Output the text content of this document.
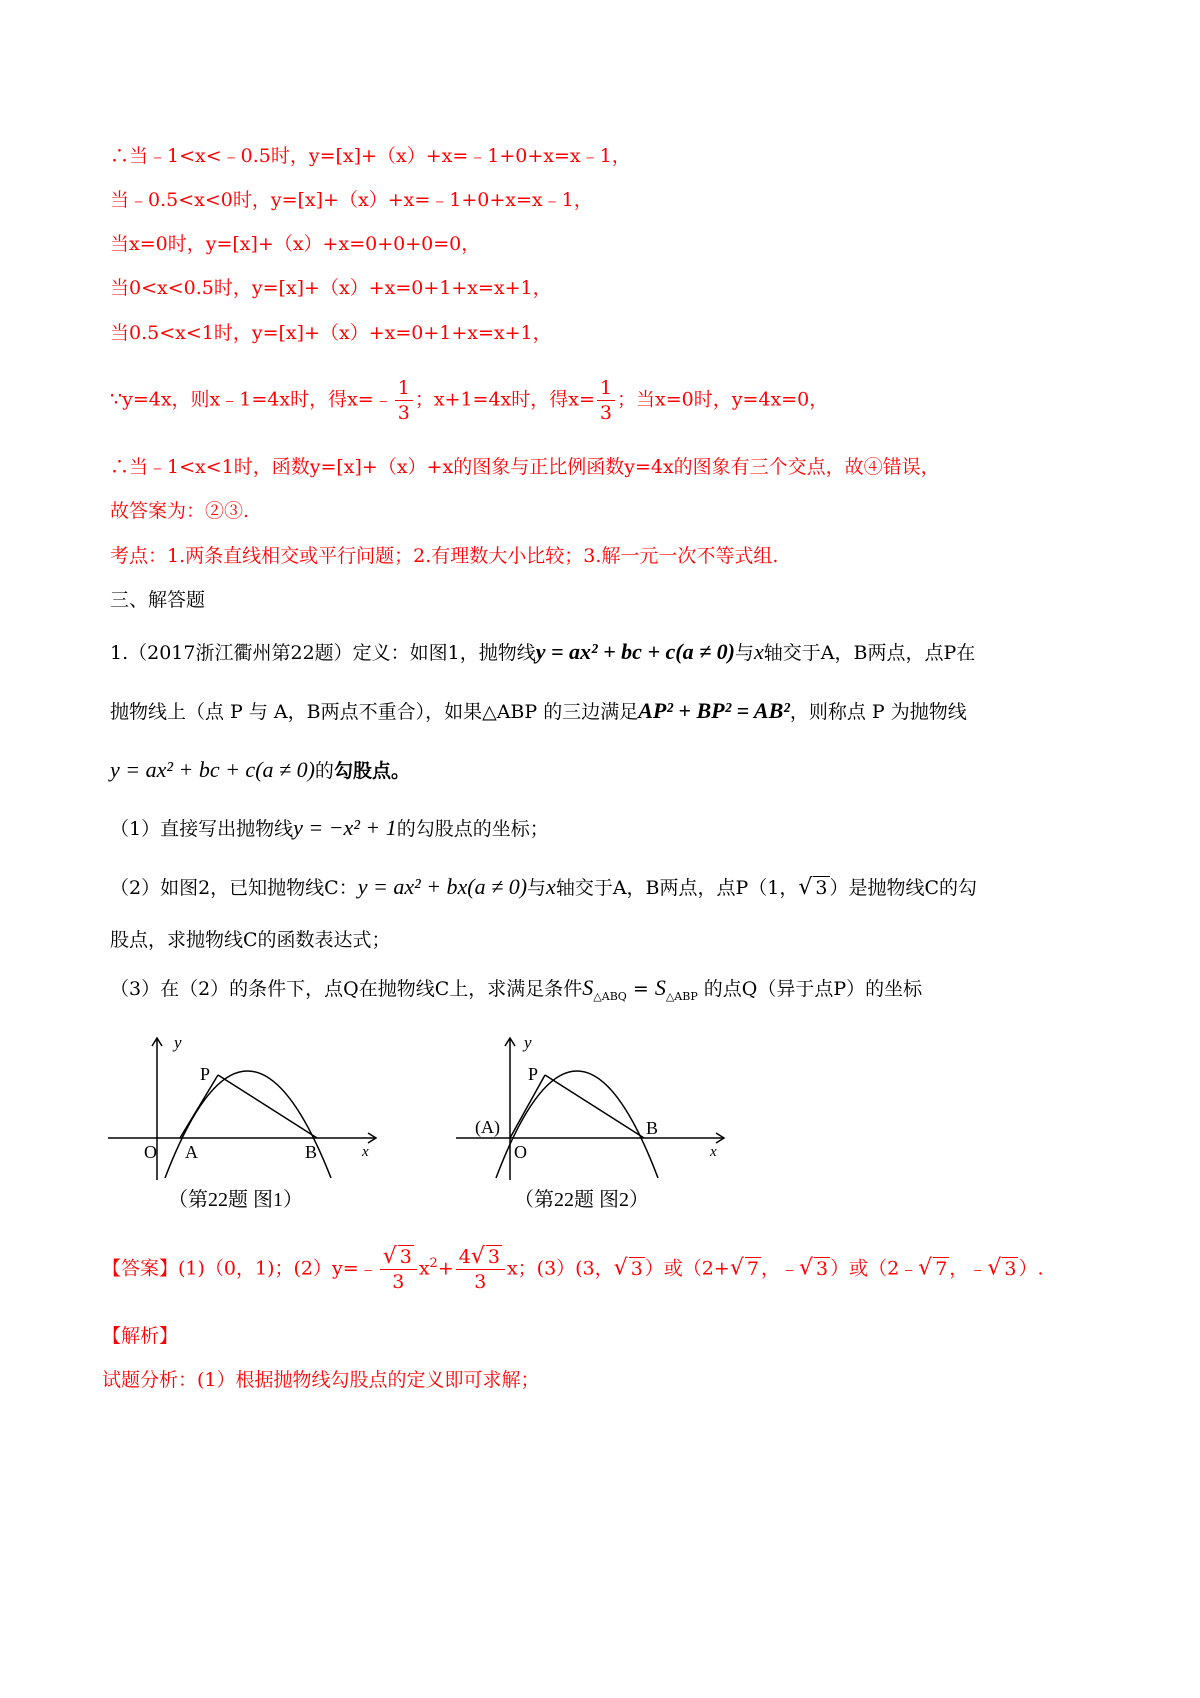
∴当﹣1<x<﹣0.5时，y=[x]+（x）+x=﹣1+0+x=x﹣1，
当﹣0.5<x<0时，y=[x]+（x）+x=﹣1+0+x=x﹣1，
当x=0时，y=[x]+（x）+x=0+0+0=0，
当0<x<0.5时，y=[x]+（x）+x=0+1+x=x+1，
当0.5<x<1时，y=[x]+（x）+x=0+1+x=x+1，
∵y=4x，则x﹣1=4x时，得x=﹣ $\frac{1}{3}$ ；x+1=4x时，得$x= \frac{1}{3}$ ；当x=0时，y=4x=0，
∴当﹣1<x<1时，函数y=[x]+（x）+x的图象与正比例函数y=4x的图象有三个交点，故④错误，
故答案为：②③.
考点：1.两条直线相交或平行问题；2.有理数大小比较；3.解一元一次不等式组.
三、解答题
1.（2017浙江衢州第22题）定义：如图1，抛物线y = ax² + bc + c(a ≠ 0)与x轴交于A，B两点，点P在
抛物线上（点 P 与 A，B两点不重合），如果△ABP 的三边满足AP² + BP² = AB²，则称点 P 为抛物线
y = ax² + bc + c(a ≠ 0)的勾股点。
（1）直接写出抛物线y = −x² + 1的勾股点的坐标；
（2）如图2，已知抛物线C：y = ax² + bx(a ≠ 0)与x轴交于A，B两点，点P（1，√ 3 ）是抛物线C的勾
股点，求抛物线C的函数表达式；
（3）在（2）的条件下，点Q在抛物线C上，求满足条件$S_{\triangle ABQ} = S_{\triangle ABP}$ 的点Q（异于点P）的坐标
y
x
O A	B
P
（第22题 图1）
y
x
O
(A)	B
P
（第22题 图2）
【答案】(1)（0，1)；(2）y=﹣ $\frac{√ 3}{3} x^2+ \frac{4√ 3}{3}$ x；(3）(3，√ 3 ）或（2+√ 7 ，﹣√ 3 ）或（2﹣√ 7 ，﹣√ 3 ）.
【解析】
试题分析：(1）根据抛物线勾股点的定义即可求解；
